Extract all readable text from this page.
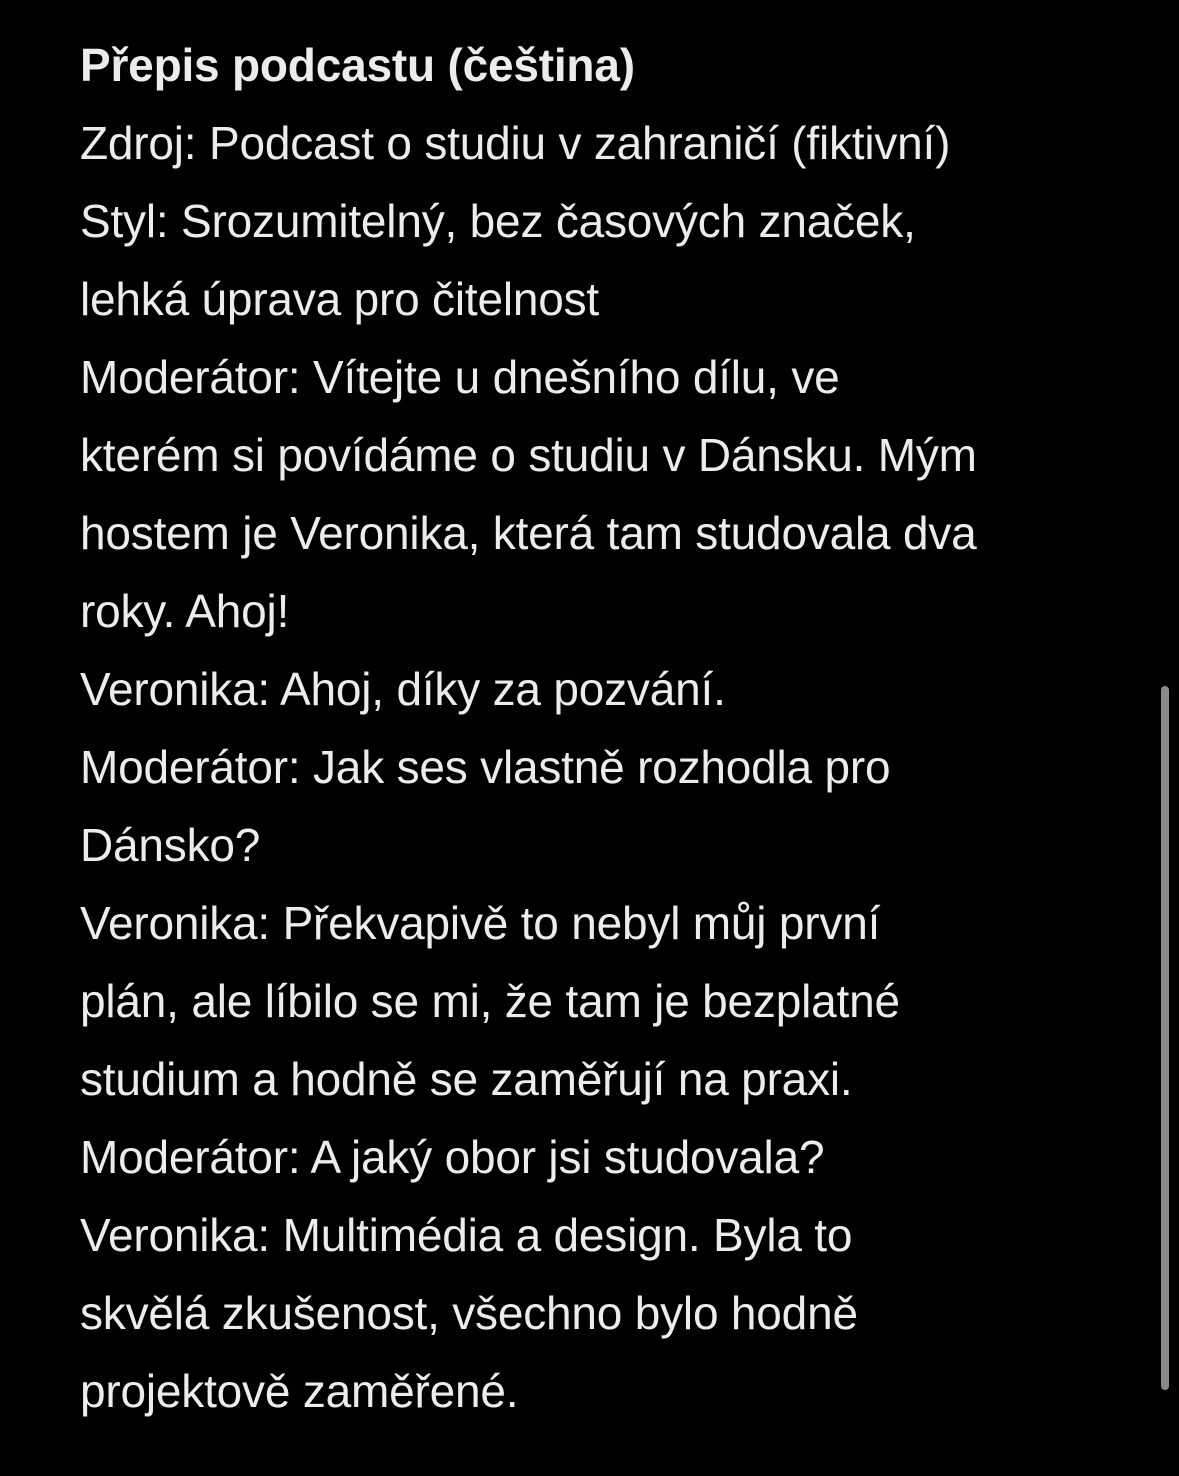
Přepis podcastu (čeština)
Zdroj: Podcast o studiu v zahraničí (fiktivní)
Styl: Srozumitelný, bez časových značek,
lehká úprava pro čitelnost
Moderátor: Vítejte u dnešního dílu, ve
kterém si povídáme o studiu v Dánsku. Mým
hostem je Veronika, která tam studovala dva
roky. Ahoj!
Veronika: Ahoj, díky za pozvání.
Moderátor: Jak ses vlastně rozhodla pro
Dánsko?
Veronika: Překvapivě to nebyl můj první
plán, ale líbilo se mi, že tam je bezplatné
studium a hodně se zaměřují na praxi.
Moderátor: A jaký obor jsi studovala?
Veronika: Multimédia a design. Byla to
skvělá zkušenost, všechno bylo hodně
projektově zaměřené.
